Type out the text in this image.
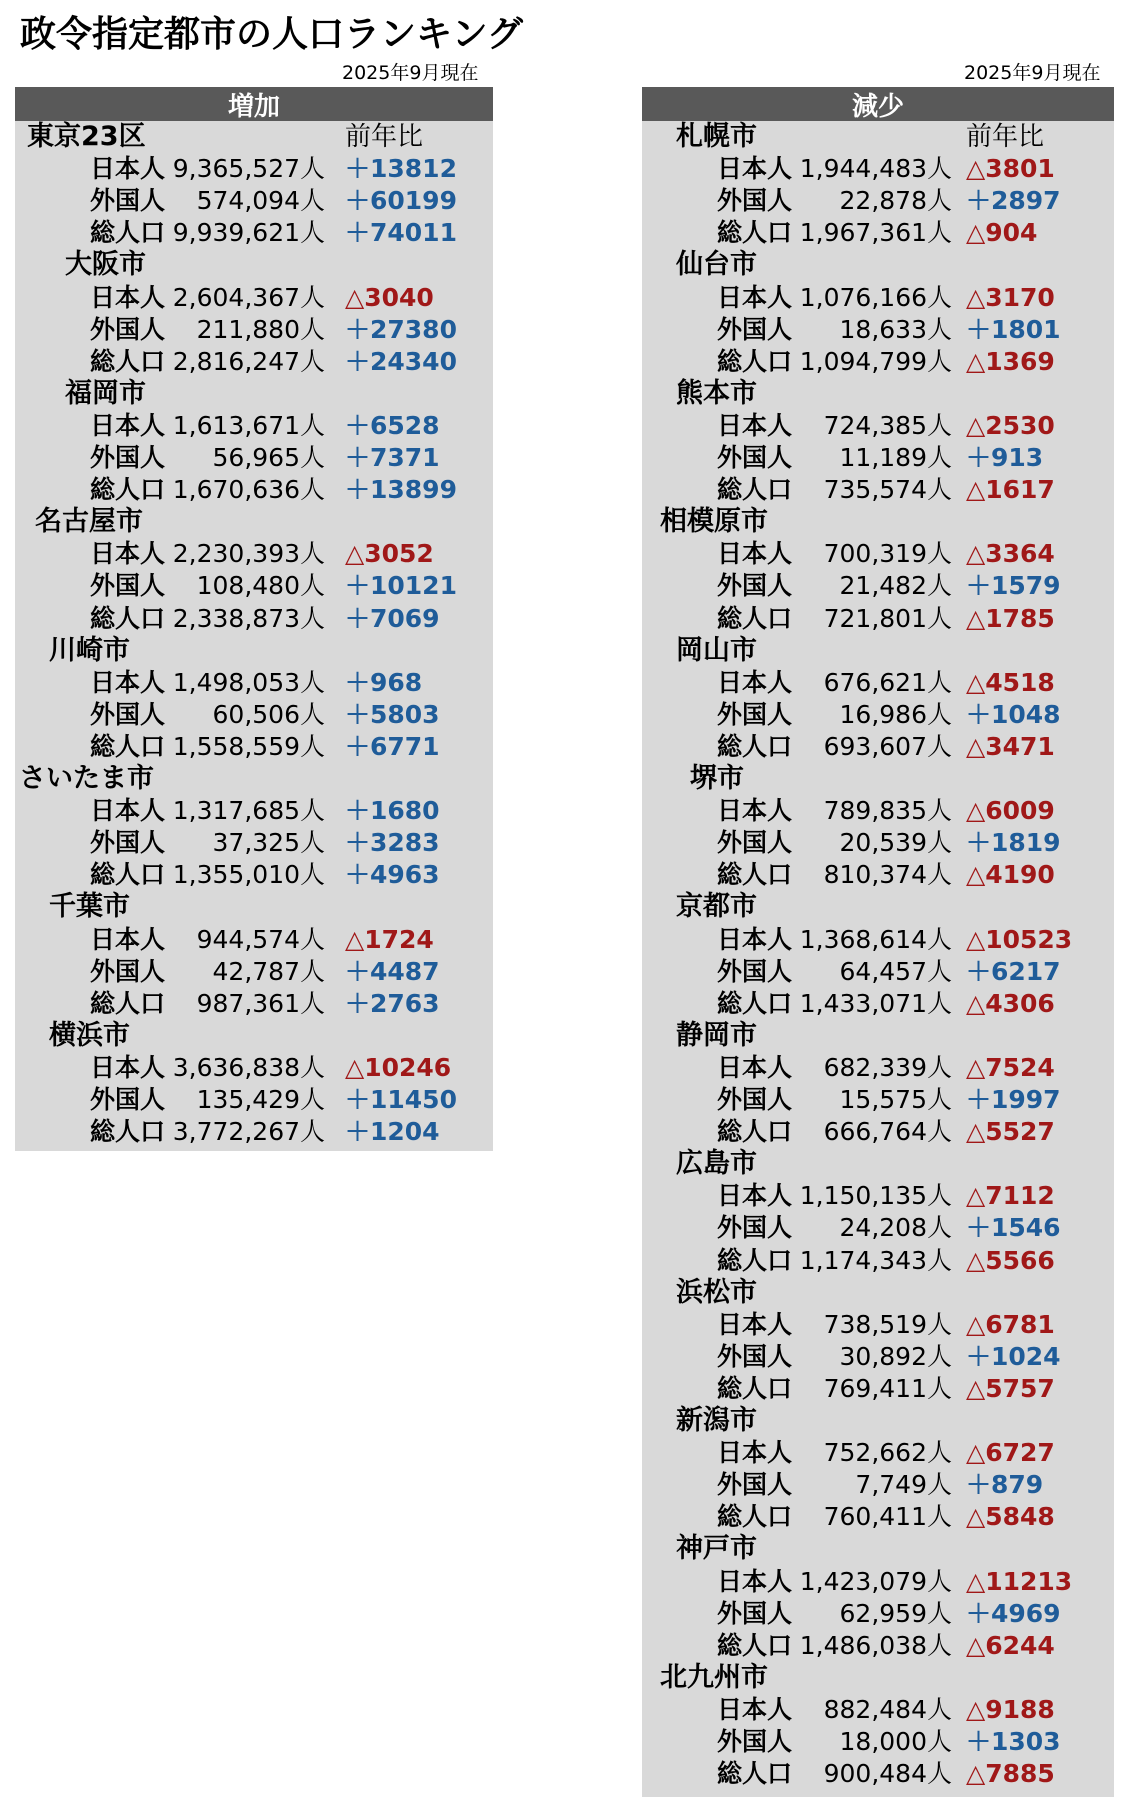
政令指定都市の人口ランキング
2025年9月現在	2025年9月現在
増加
東京23区	前年比
日本人 9,365,527人 ＋13812
外国人 574,094人 ＋60199
総人口 9,939,621人 ＋74011
大阪市
日本人 2,604,367人 △3040
外国人 211,880人 ＋27380
総人口 2,816,247人 ＋24340
福岡市
日本人 1,613,671人 ＋6528
外国人 56,965人 ＋7371
総人口 1,670,636人 ＋13899
名古屋市
日本人 2,230,393人 △3052
外国人 108,480人 ＋10121
総人口 2,338,873人 ＋7069
川崎市
日本人 1,498,053人 ＋968
外国人 60,506人 ＋5803
総人口 1,558,559人 ＋6771
さいたま市
日本人 1,317,685人 ＋1680
外国人 37,325人 ＋3283
総人口 1,355,010人 ＋4963
千葉市
日本人 944,574人 △1724
外国人 42,787人 ＋4487
総人口 987,361人 ＋2763
横浜市
日本人 3,636,838人 △10246
外国人 135,429人 ＋11450
総人口 3,772,267人 ＋1204
減少
札幌市	前年比
日本人 1,944,483人 △3801
外国人 22,878人 ＋2897
総人口 1,967,361人 △904
仙台市
日本人 1,076,166人 △3170
外国人 18,633人 ＋1801
総人口 1,094,799人 △1369
熊本市
日本人 724,385人 △2530
外国人 11,189人 ＋913
総人口 735,574人 △1617
相模原市
日本人 700,319人 △3364
外国人 21,482人 ＋1579
総人口 721,801人 △1785
岡山市
日本人 676,621人 △4518
外国人 16,986人 ＋1048
総人口 693,607人 △3471
堺市
日本人 789,835人 △6009
外国人 20,539人 ＋1819
総人口 810,374人 △4190
京都市
日本人 1,368,614人 △10523
外国人 64,457人 ＋6217
総人口 1,433,071人 △4306
静岡市
日本人 682,339人 △7524
外国人 15,575人 ＋1997
総人口 666,764人 △5527
広島市
日本人 1,150,135人 △7112
外国人 24,208人 ＋1546
総人口 1,174,343人 △5566
浜松市
日本人 738,519人 △6781
外国人 30,892人 ＋1024
総人口 769,411人 △5757
新潟市
日本人 752,662人 △6727
外国人	7,749人 ＋879
総人口 760,411人 △5848
神戸市
日本人 1,423,079人 △11213
外国人 62,959人 ＋4969
総人口 1,486,038人 △6244
北九州市
日本人 882,484人 △9188
外国人 18,000人 ＋1303
総人口 900,484人 △7885
